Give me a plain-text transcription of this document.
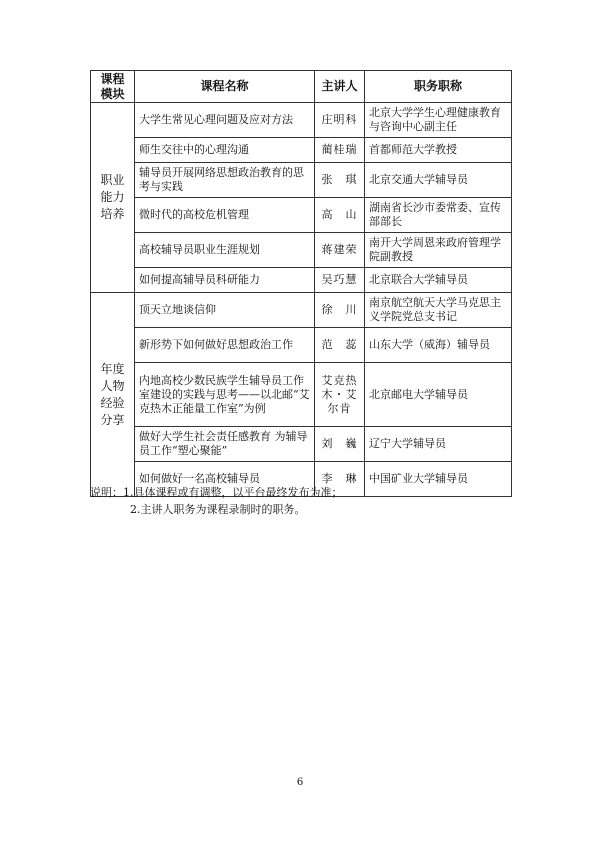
课程模块	课程名称	主讲人	职务职称
职业能力培养	大学生常见心理问题及应对方法	庄明科	北京大学学生心理健康教育与咨询中心副主任
	师生交往中的心理沟通	蔺桂瑞	首都师范大学教授
	辅导员开展网络思想政治教育的思考与实践	张　琪	北京交通大学辅导员
	微时代的高校危机管理	高　山	湖南省长沙市委常委、宣传部部长
	高校辅导员职业生涯规划	蒋建荣	南开大学周恩来政府管理学院副教授
	如何提高辅导员科研能力	吴巧慧	北京联合大学辅导员
年度人物经验分享	顶天立地谈信仰	徐　川	南京航空航天大学马克思主义学院党总支书记
	新形势下如何做好思想政治工作	范　蕊	山东大学（威海）辅导员
	内地高校少数民族学生辅导员工作室建设的实践与思考——以北邮“艾克热木正能量工作室”为例	艾克热木・艾尔肯	北京邮电大学辅导员
	做好大学生社会责任感教育 为辅导员工作“塑心聚能”	刘　巍	辽宁大学辅导员
	如何做好一名高校辅导员	李　琳	中国矿业大学辅导员
说明：1.具体课程或有调整，以平台最终发布为准；
2.主讲人职务为课程录制时的职务。
6
